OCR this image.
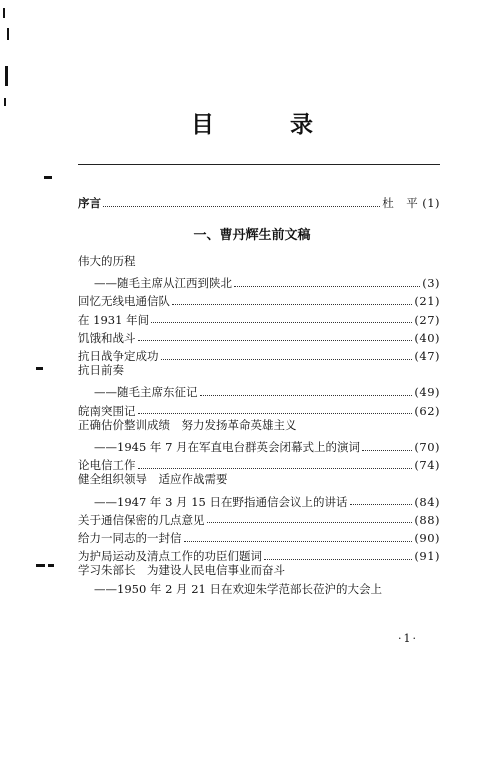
目 录
序言	杜　平 (1)
一、曹丹辉生前文稿
伟大的历程
——随毛主席从江西到陕北	(3)
回忆无线电通信队	(21)
在 1931 年间	(27)
饥饿和战斗	(40)
抗日战争定成功	(47)
抗日前奏
——随毛主席东征记	(49)
皖南突围记	(62)
正确估价整训成绩　努力发扬革命英雄主义
——1945 年 7 月在军直电台群英会闭幕式上的演词	(70)
论电信工作	(74)
健全组织领导　适应作战需要
——1947 年 3 月 15 日在野指通信会议上的讲话	(84)
关于通信保密的几点意见	(88)
给力一同志的一封信	(90)
为护局运动及清点工作的功臣们题词	(91)
学习朱部长　为建设人民电信事业而奋斗
——1950 年 2 月 21 日在欢迎朱学范部长莅沪的大会上
·1·
